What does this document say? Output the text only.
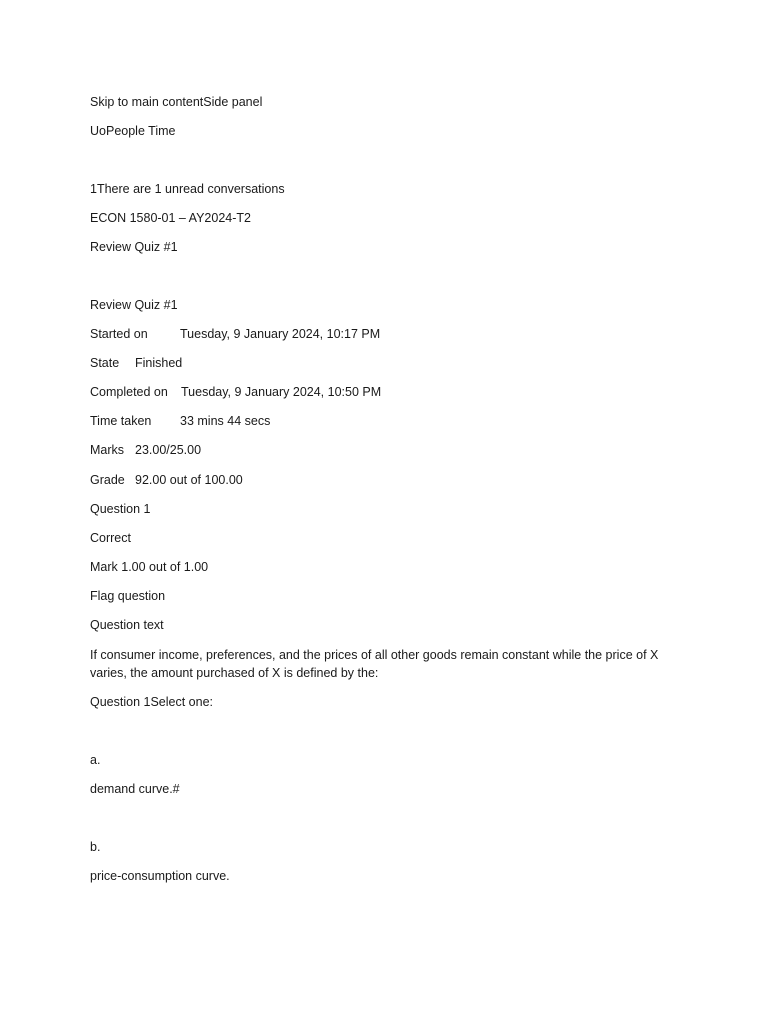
Skip to main contentSide panel
UoPeople Time
1There are 1 unread conversations
ECON 1580-01 – AY2024-T2
Review Quiz #1
Review Quiz #1
Started on	Tuesday, 9 January 2024, 10:17 PM
State Finished
Completed on Tuesday, 9 January 2024, 10:50 PM
Time taken 33 mins 44 secs
Marks 23.00/25.00
Grade 92.00 out of 100.00
Question 1
Correct
Mark 1.00 out of 1.00
Flag question
Question text
If consumer income, preferences, and the prices of all other goods remain constant while the price of X varies, the amount purchased of X is defined by the:
Question 1Select one:
a.
demand curve.#
b.
price-consumption curve.
